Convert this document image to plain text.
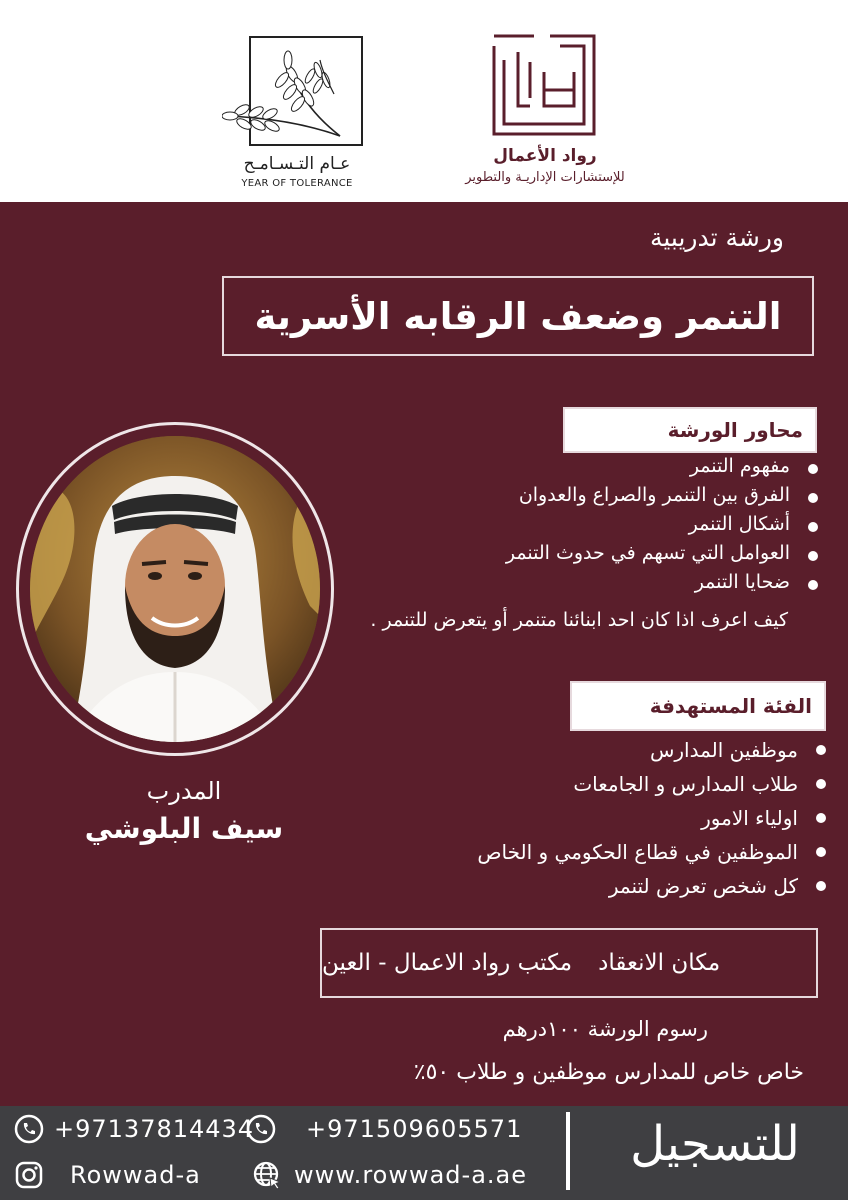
عـام التـسـامـح
YEAR OF TOLERANCE
رواد الأعمال
للإستشارات الإداريـة والتطوير
ورشة تدريبية
التنمر وضعف الرقابه الأسرية
محاور الورشة
مفهوم التنمر
الفرق بين التنمر والصراع والعدوان
أشكال التنمر
العوامل التي تسهم في حدوث التنمر
ضحايا التنمر
كيف اعرف اذا كان احد ابنائنا متنمر أو يتعرض للتنمر .
الفئة المستهدفة
موظفين المدارس
طلاب المدارس و الجامعات
اولياء الامور
الموظفين في قطاع الحكومي و الخاص
كل شخص تعرض لتنمر
المدرب
سيف البلوشي
مكان الانعقاد
مكتب رواد الاعمال - العين
رسوم الورشة ١٠٠درهم
خاص خاص للمدارس موظفين و طلاب ٥٠٪
+97137814434 +971509605571
Rowwad-a	www.rowwad-a.ae
للتسجيل
